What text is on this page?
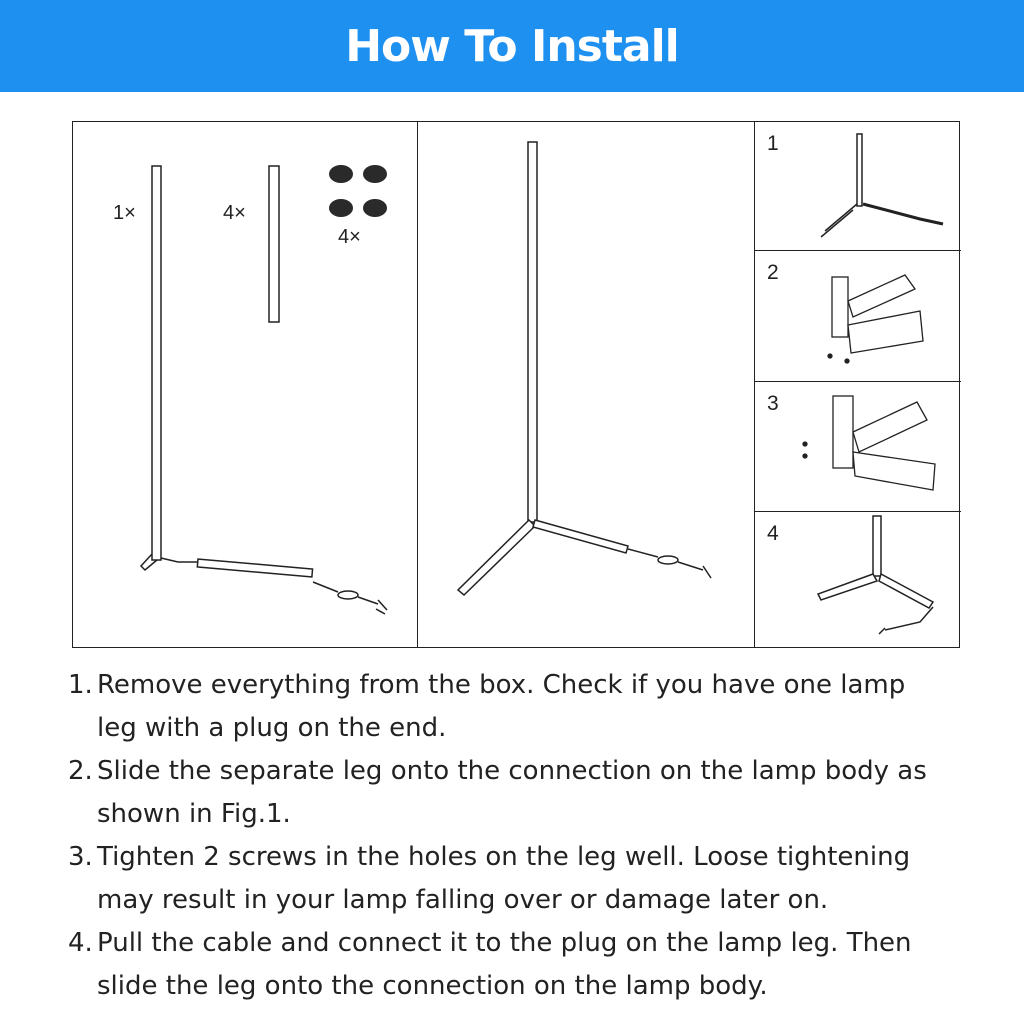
How To Install
1×	4×
4×
1
2
3
4
1. Remove everything from the box. Check if you have one lamp leg with a plug on the end.
2. Slide the separate leg onto the connection on the lamp body as shown in Fig.1.
3. Tighten 2 screws in the holes on the leg well. Loose tightening may result in your lamp falling over or damage later on.
4. Pull the cable and connect it to the plug on the lamp leg. Then slide the leg onto the connection on the lamp body.
